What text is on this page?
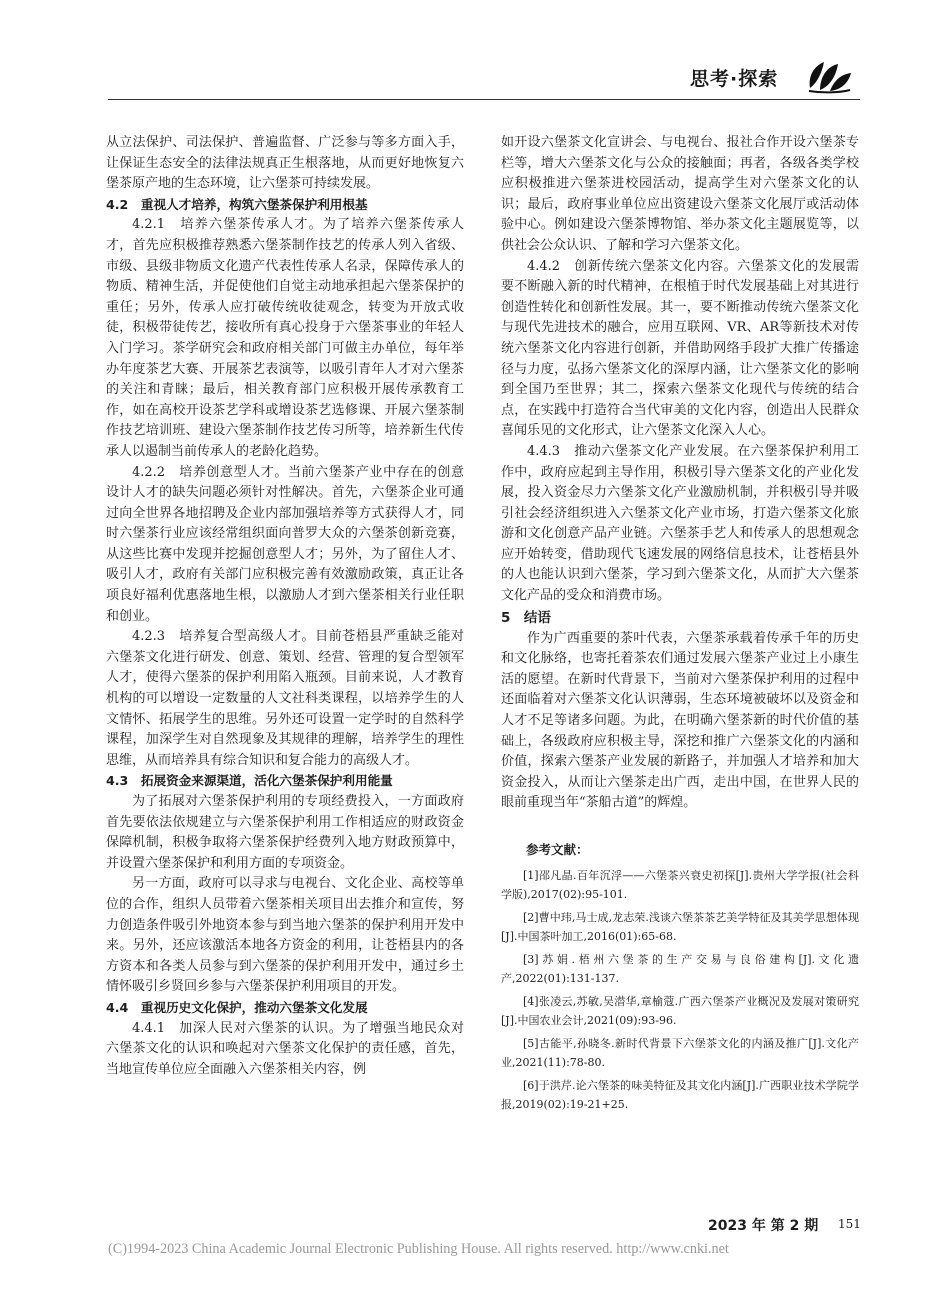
思考·探索

从立法保护、司法保护、普遍监督、广泛参与等多方面入手，让保证生态安全的法律法规真正生根落地，从而更好地恢复六堡茶原产地的生态环境，让六堡茶可持续发展。

4.2　重视人才培养，构筑六堡茶保护利用根基

4.2.1　培养六堡茶传承人才。为了培养六堡茶传承人才，首先应积极推荐熟悉六堡茶制作技艺的传承人列入省级、市级、县级非物质文化遗产代表性传承人名录，保障传承人的物质、精神生活，并促使他们自觉主动地承担起六堡茶保护的重任；另外，传承人应打破传统收徒观念，转变为开放式收徒，积极带徒传艺，接收所有真心投身于六堡茶事业的年轻人入门学习。茶学研究会和政府相关部门可做主办单位，每年举办年度茶艺大赛、开展茶艺表演等，以吸引青年人才对六堡茶的关注和青睐；最后，相关教育部门应积极开展传承教育工作，如在高校开设茶艺学科或增设茶艺选修课、开展六堡茶制作技艺培训班、建设六堡茶制作技艺传习所等，培养新生代传承人以遏制当前传承人的老龄化趋势。

4.2.2　培养创意型人才。当前六堡茶产业中存在的创意设计人才的缺失问题必须针对性解决。首先，六堡茶企业可通过向全世界各地招聘及企业内部加强培养等方式获得人才，同时六堡茶行业应该经常组织面向普罗大众的六堡茶创新竞赛，从这些比赛中发现并挖掘创意型人才；另外，为了留住人才、吸引人才，政府有关部门应积极完善有效激励政策，真正让各项良好福利优惠落地生根，以激励人才到六堡茶相关行业任职和创业。

4.2.3　培养复合型高级人才。目前苍梧县严重缺乏能对六堡茶文化进行研发、创意、策划、经营、管理的复合型领军人才，使得六堡茶的保护利用陷入瓶颈。目前来说，人才教育机构的可以增设一定数量的人文社科类课程，以培养学生的人文情怀、拓展学生的思维。另外还可设置一定学时的自然科学课程，加深学生对自然现象及其规律的理解，培养学生的理性思维，从而培养具有综合知识和复合能力的高级人才。

4.3　拓展资金来源渠道，活化六堡茶保护利用能量

为了拓展对六堡茶保护利用的专项经费投入，一方面政府首先要依法依规建立与六堡茶保护利用工作相适应的财政资金保障机制，积极争取将六堡茶保护经费列入地方财政预算中，并设置六堡茶保护和利用方面的专项资金。

另一方面，政府可以寻求与电视台、文化企业、高校等单位的合作，组织人员带着六堡茶相关项目出去推介和宣传，努力创造条件吸引外地资本参与到当地六堡茶的保护利用开发中来。另外，还应该激活本地各方资金的利用，让苍梧县内的各方资本和各类人员参与到六堡茶的保护利用开发中，通过乡土情怀吸引乡贤回乡参与六堡茶保护利用项目的开发。

4.4　重视历史文化保护，推动六堡茶文化发展

4.4.1　加深人民对六堡茶的认识。为了增强当地民众对六堡茶文化的认识和唤起对六堡茶文化保护的责任感，首先，当地宣传单位应全面融入六堡茶相关内容，例

如开设六堡茶文化宣讲会、与电视台、报社合作开设六堡茶专栏等，增大六堡茶文化与公众的接触面；再者，各级各类学校应积极推进六堡茶进校园活动，提高学生对六堡茶文化的认识；最后，政府事业单位应出资建设六堡茶文化展厅或活动体验中心。例如建设六堡茶博物馆、举办茶文化主题展览等，以供社会公众认识、了解和学习六堡茶文化。

4.4.2　创新传统六堡茶文化内容。六堡茶文化的发展需要不断融入新的时代精神，在根植于时代发展基础上对其进行创造性转化和创新性发展。其一，要不断推动传统六堡茶文化与现代先进技术的融合，应用互联网、VR、AR等新技术对传统六堡茶文化内容进行创新，并借助网络手段扩大推广传播途径与力度，弘扬六堡茶文化的深厚内涵，让六堡茶文化的影响到全国乃至世界；其二，探索六堡茶文化现代与传统的结合点，在实践中打造符合当代审美的文化内容，创造出人民群众喜闻乐见的文化形式，让六堡茶文化深入人心。

4.4.3　推动六堡茶文化产业发展。在六堡茶保护利用工作中，政府应起到主导作用，积极引导六堡茶文化的产业化发展，投入资金尽力六堡茶文化产业激励机制，并积极引导并吸引社会经济组织进入六堡茶文化产业市场，打造六堡茶文化旅游和文化创意产品产业链。六堡茶手艺人和传承人的思想观念应开始转变，借助现代飞速发展的网络信息技术，让苍梧县外的人也能认识到六堡茶，学习到六堡茶文化，从而扩大六堡茶文化产品的受众和消费市场。

5　结语

作为广西重要的茶叶代表，六堡茶承载着传承千年的历史和文化脉络，也寄托着茶农们通过发展六堡茶产业过上小康生活的愿望。在新时代背景下，当前对六堡茶保护利用的过程中还面临着对六堡茶文化认识薄弱，生态环境被破坏以及资金和人才不足等诸多问题。为此，在明确六堡茶新的时代价值的基础上，各级政府应积极主导，深挖和推广六堡茶文化的内涵和价值，探索六堡茶产业发展的新路子，并加强人才培养和加大资金投入，从而让六堡茶走出广西，走出中国，在世界人民的眼前重现当年“茶船古道”的辉煌。

参考文献：

[1]邵凡晶.百年沉浮——六堡茶兴衰史初探[J].贵州大学学报(社会科学版),2017(02):95-101.

[2]曹中玮,马士成,龙志荣.浅谈六堡茶茶艺美学特征及其美学思想体现[J].中国茶叶加工,2016(01):65-68.

[3]苏娟.梧州六堡茶的生产交易与良俗建构[J].文化遗产,2022(01):131-137.

[4]张凌云,苏敏,吴潜华,章榆蔻.广西六堡茶产业概况及发展对策研究[J].中国农业会计,2021(09):93-96.

[5]古能平,孙晓冬.新时代背景下六堡茶文化的内涵及推广[J].文化产业,2021(11):78-80.

[6]于洪芹.论六堡茶的味美特征及其文化内涵[J].广西职业技术学院学报,2019(02):19-21+25.

2023 年 第 2 期 151
(C)1994-2023 China Academic Journal Electronic Publishing House. All rights reserved. http://www.cnki.net
